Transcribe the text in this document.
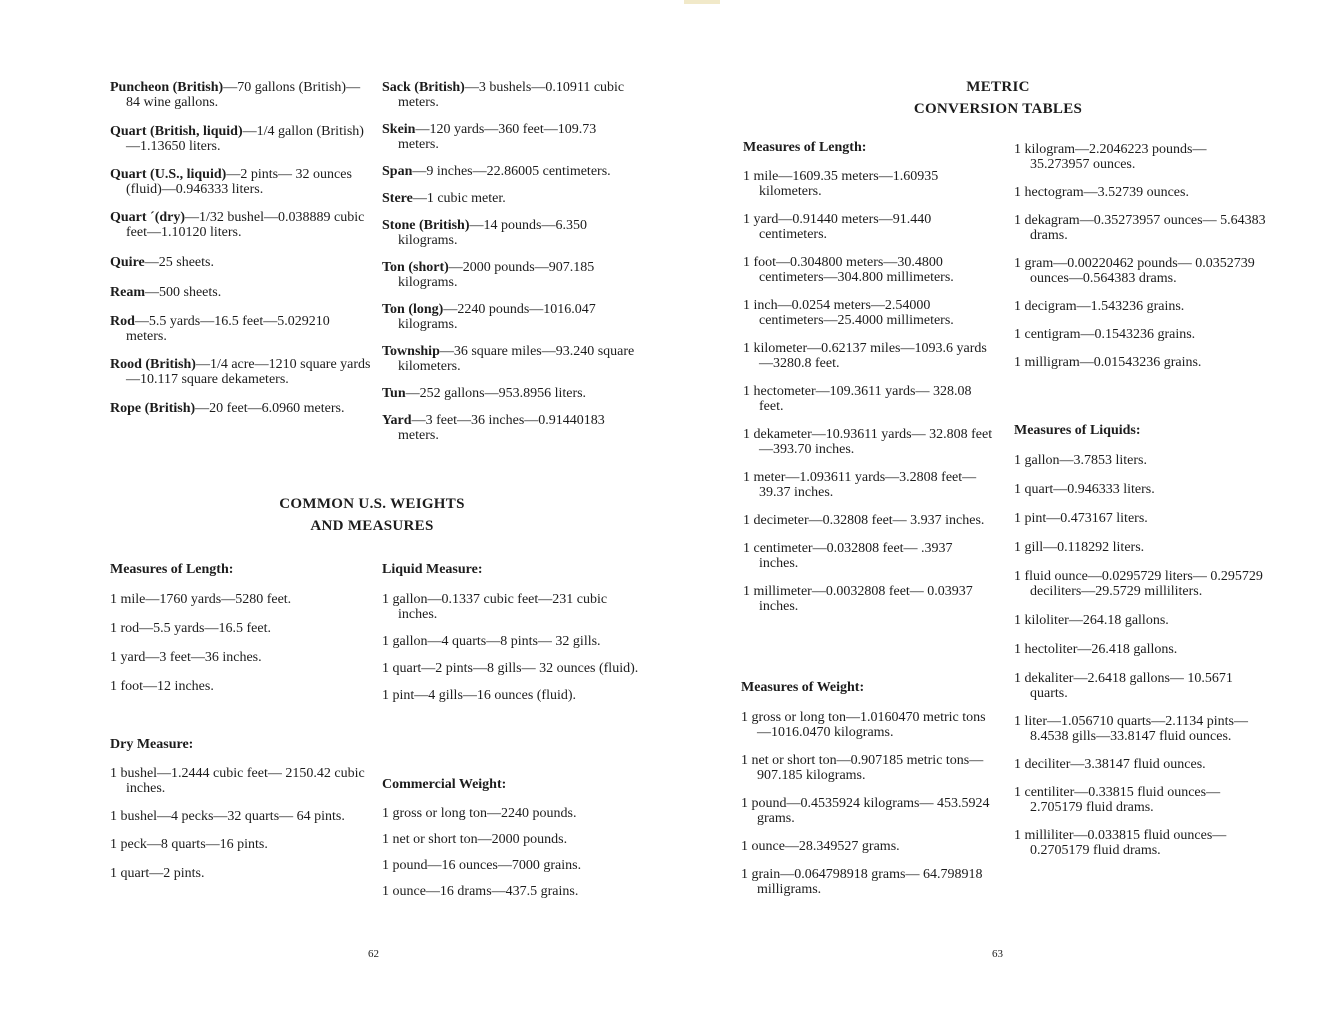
Puncheon (British)—70 gallons (British)—84 wine gallons.

Quart (British, liquid)—1/4 gallon (British)—1.13650 liters.

Quart (U.S., liquid)—2 pints— 32 ounces (fluid)—0.946333 liters.

Quart ´(dry)—1/32 bushel—0.038889 cubic feet—1.10120 liters.

Quire—25 sheets.

Ream—500 sheets.

Rod—5.5 yards—16.5 feet—5.029210 meters.

Rood (British)—1/4 acre—1210 square yards—10.117 square dekameters.

Rope (British)—20 feet—6.0960 meters.

Sack (British)—3 bushels—0.10911 cubic meters.

Skein—120 yards—360 feet—109.73 meters.

Span—9 inches—22.86005 centimeters.

Stere—1 cubic meter.

Stone (British)—14 pounds—6.350 kilograms.

Ton (short)—2000 pounds—907.185 kilograms.

Ton (long)—2240 pounds—1016.047 kilograms.

Township—36 square miles—93.240 square kilometers.

Tun—252 gallons—953.8956 liters.

Yard—3 feet—36 inches—0.91440183 meters.

COMMON U.S. WEIGHTS
AND MEASURES

Measures of Length:

1 mile—1760 yards—5280 feet.

1 rod—5.5 yards—16.5 feet.

1 yard—3 feet—36 inches.

1 foot—12 inches.

Dry Measure:

1 bushel—1.2444 cubic feet— 2150.42 cubic inches.

1 bushel—4 pecks—32 quarts— 64 pints.

1 peck—8 quarts—16 pints.

1 quart—2 pints.

Liquid Measure:

1 gallon—0.1337 cubic feet—231 cubic inches.

1 gallon—4 quarts—8 pints— 32 gills.

1 quart—2 pints—8 gills— 32 ounces (fluid).

1 pint—4 gills—16 ounces (fluid).

Commercial Weight:

1 gross or long ton—2240 pounds.

1 net or short ton—2000 pounds.

1 pound—16 ounces—7000 grains.

1 ounce—16 drams—437.5 grains.

62
METRIC
CONVERSION TABLES

Measures of Length:

1 mile—1609.35 meters—1.60935 kilometers.

1 yard—0.91440 meters—91.440 centimeters.

1 foot—0.304800 meters—30.4800 centimeters—304.800 millimeters.

1 inch—0.0254 meters—2.54000 centimeters—25.4000 millimeters.

1 kilometer—0.62137 miles—1093.6 yards—3280.8 feet.

1 hectometer—109.3611 yards— 328.08 feet.

1 dekameter—10.93611 yards— 32.808 feet—393.70 inches.

1 meter—1.093611 yards—3.2808 feet—39.37 inches.

1 decimeter—0.32808 feet— 3.937 inches.

1 centimeter—0.032808 feet— .3937 inches.

1 millimeter—0.0032808 feet— 0.03937 inches.

Measures of Weight:

1 gross or long ton—1.0160470 metric tons—1016.0470 kilograms.

1 net or short ton—0.907185 metric tons—907.185 kilograms.

1 pound—0.4535924 kilograms— 453.5924 grams.

1 ounce—28.349527 grams.

1 grain—0.064798918 grams— 64.798918 milligrams.

1 kilogram—2.2046223 pounds— 35.273957 ounces.

1 hectogram—3.52739 ounces.

1 dekagram—0.35273957 ounces— 5.64383 drams.

1 gram—0.00220462 pounds— 0.0352739 ounces—0.564383 drams.

1 decigram—1.543236 grains.

1 centigram—0.1543236 grains.

1 milligram—0.01543236 grains.

Measures of Liquids:

1 gallon—3.7853 liters.

1 quart—0.946333 liters.

1 pint—0.473167 liters.

1 gill—0.118292 liters.

1 fluid ounce—0.0295729 liters— 0.295729 deciliters—29.5729 milliliters.

1 kiloliter—264.18 gallons.

1 hectoliter—26.418 gallons.

1 dekaliter—2.6418 gallons— 10.5671 quarts.

1 liter—1.056710 quarts—2.1134 pints—8.4538 gills—33.8147 fluid ounces.

1 deciliter—3.38147 fluid ounces.

1 centiliter—0.33815 fluid ounces— 2.705179 fluid drams.

1 milliliter—0.033815 fluid ounces— 0.2705179 fluid drams.

63
